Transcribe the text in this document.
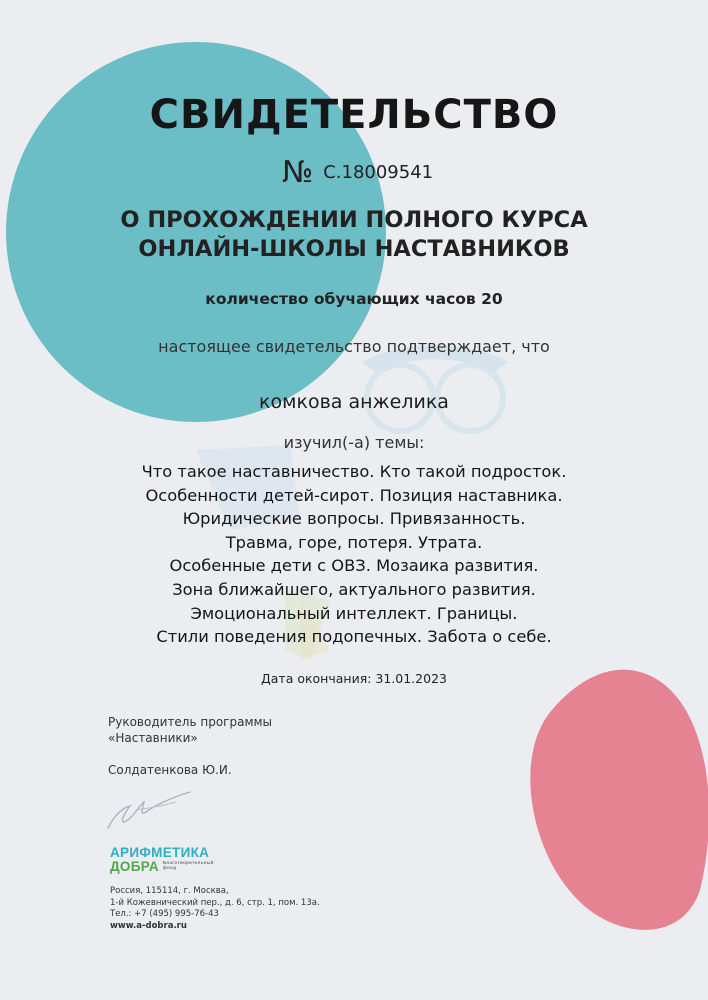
СВИДЕТЕЛЬСТВО
№ С.18009541
О ПРОХОЖДЕНИИ ПОЛНОГО КУРСА
ОНЛАЙН-ШКОЛЫ НАСТАВНИКОВ
количество обучающих часов 20
настоящее свидетельство подтверждает, что
комкова анжелика
изучил(-а) темы:
Что такое наставничество. Кто такой подросток.
Особенности детей-сирот. Позиция наставника.
Юридические вопросы. Привязанность.
Травма, горе, потеря. Утрата.
Особенные дети с ОВЗ. Мозаика развития.
Зона ближайшего, актуального развития.
Эмоциональный интеллект. Границы.
Стили поведения подопечных. Забота о себе.
Дата окончания: 31.01.2023
Руководитель программы
«Наставники»
Солдатенкова Ю.И.
АРИФМЕТИКА
ДОБРА Благотворительный фонд
Россия, 115114, г. Москва,
1-й Кожевнический пер., д. 6, стр. 1, пом. 13а.
Тел.: +7 (495) 995-76-43
www.a-dobra.ru
